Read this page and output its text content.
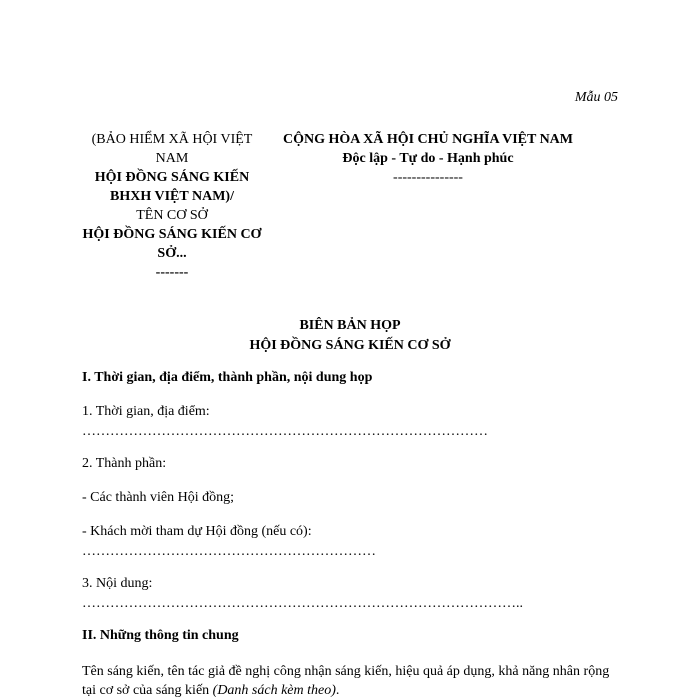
Mẫu 05
(BẢO HIỂM XÃ HỘI VIỆT NAM
HỘI ĐỒNG SÁNG KIẾN BHXH VIỆT NAM)/
TÊN CƠ SỞ
HỘI ĐỒNG SÁNG KIẾN CƠ SỞ...
-------
CỘNG HÒA XÃ HỘI CHỦ NGHĨA VIỆT NAM
Độc lập - Tự do - Hạnh phúc
---------------
BIÊN BẢN HỌP
HỘI ĐỒNG SÁNG KIẾN CƠ SỞ
I. Thời gian, địa điểm, thành phần, nội dung họp
1. Thời gian, địa điểm:
……………………………………………………………………………
2. Thành phần:
- Các thành viên Hội đồng;
- Khách mời tham dự Hội đồng (nếu có):
………………………………………………………
3. Nội dung:
…………………………………………………………………………………..
II. Những thông tin chung
Tên sáng kiến, tên tác giả đề nghị công nhận sáng kiến, hiệu quả áp dụng, khả năng nhân rộng tại cơ sở của sáng kiến (Danh sách kèm theo).
